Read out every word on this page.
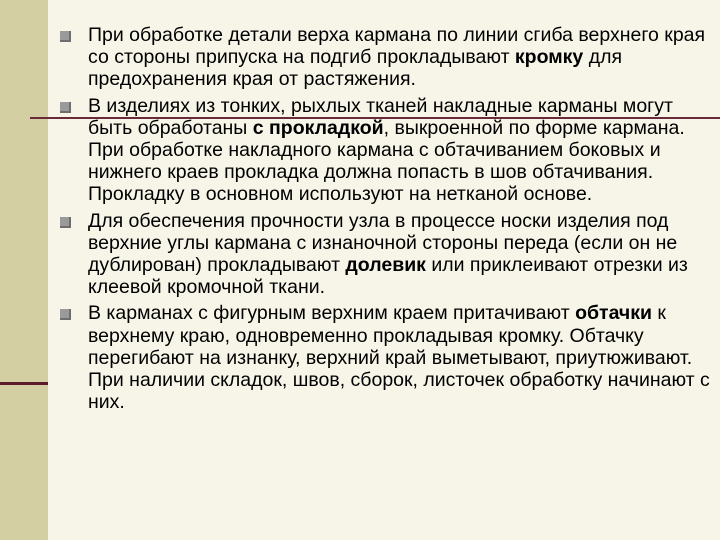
При обработке детали верха кармана по линии сгиба верхнего края со стороны припуска на подгиб прокладывают кромку для предохранения края от растяжения.
В изделиях из тонких, рыхлых тканей накладные карманы могут быть обработаны с прокладкой, выкроенной по форме кармана. При обработке накладного кармана с обтачиванием боковых и нижнего краев прокладка должна попасть в шов обтачивания. Прокладку в основном используют на нетканой основе.
Для обеспечения прочности узла в процессе носки изделия под верхние углы кармана с изнаночной стороны переда (если он не дублирован) прокладывают долевик или приклеивают отрезки из клеевой кромочной ткани.
В карманах с фигурным верхним краем притачивают обтачки к верхнему краю, одновременно прокладывая кромку. Обтачку перегибают на изнанку, верхний край выметывают, приутюживают. При наличии складок, швов, сборок, листочек обработку начинают с них.
